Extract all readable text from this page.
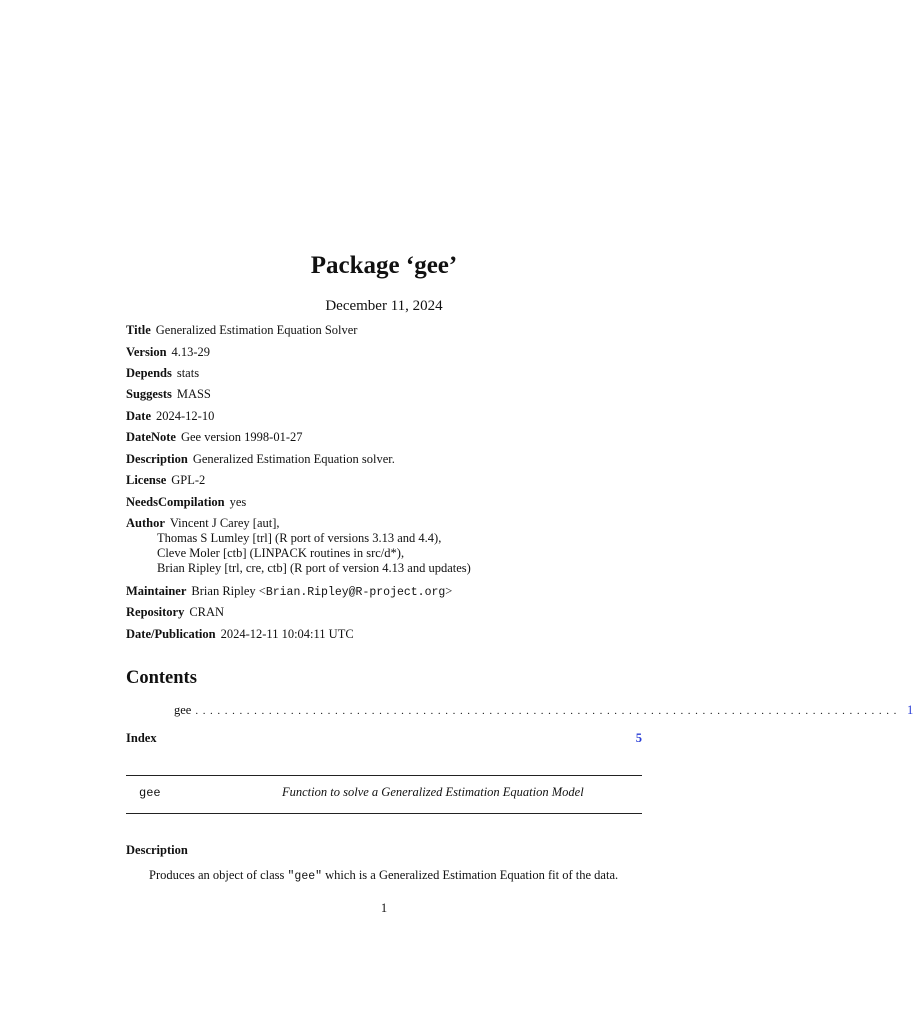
Package ‘gee’
December 11, 2024
Title Generalized Estimation Equation Solver
Version 4.13-29
Depends stats
Suggests MASS
Date 2024-12-10
DateNote Gee version 1998-01-27
Description Generalized Estimation Equation solver.
License GPL-2
NeedsCompilation yes
Author Vincent J Carey [aut],
Thomas S Lumley [trl] (R port of versions 3.13 and 4.4),
Cleve Moler [ctb] (LINPACK routines in src/d*),
Brian Ripley [trl, cre, ctb] (R port of version 4.13 and updates)
Maintainer Brian Ripley <Brian.Ripley@R-project.org>
Repository CRAN
Date/Publication 2024-12-11 10:04:11 UTC
Contents
gee ................................................................................................ 1
Index	5
gee	Function to solve a Generalized Estimation Equation Model
Description
Produces an object of class "gee" which is a Generalized Estimation Equation fit of the data.
1
